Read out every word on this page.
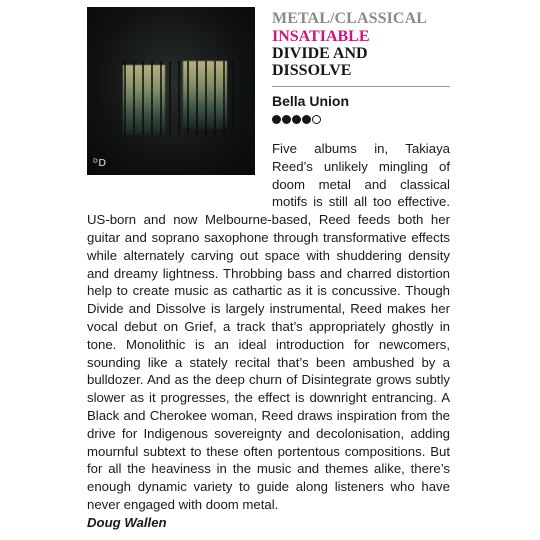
ᴰD
METAL/CLASSICAL
INSATIABLE
DIVIDE AND DISSOLVE
Bella Union
Five albums in, Takiaya Reed’s unlikely mingling of doom metal and classical motifs is still all too effective. US-born and now Melbourne-based, Reed feeds both her guitar and soprano saxophone through transformative effects while alternately carving out space with shuddering density and dreamy lightness. Throbbing bass and charred distortion help to create music as cathartic as it is concussive. Though Divide and Dissolve is largely instrumental, Reed makes her vocal debut on Grief, a track that’s appropriately ghostly in tone. Monolithic is an ideal introduction for newcomers, sounding like a stately recital that’s been ambushed by a bulldozer. And as the deep churn of Disintegrate grows subtly slower as it progresses, the effect is downright entrancing. A Black and Cherokee woman, Reed draws inspiration from the drive for Indigenous sovereignty and decolonisation, adding mournful subtext to these often portentous compositions. But for all the heaviness in the music and themes alike, there’s enough dynamic variety to guide along listeners who have never engaged with doom metal.
Doug Wallen
